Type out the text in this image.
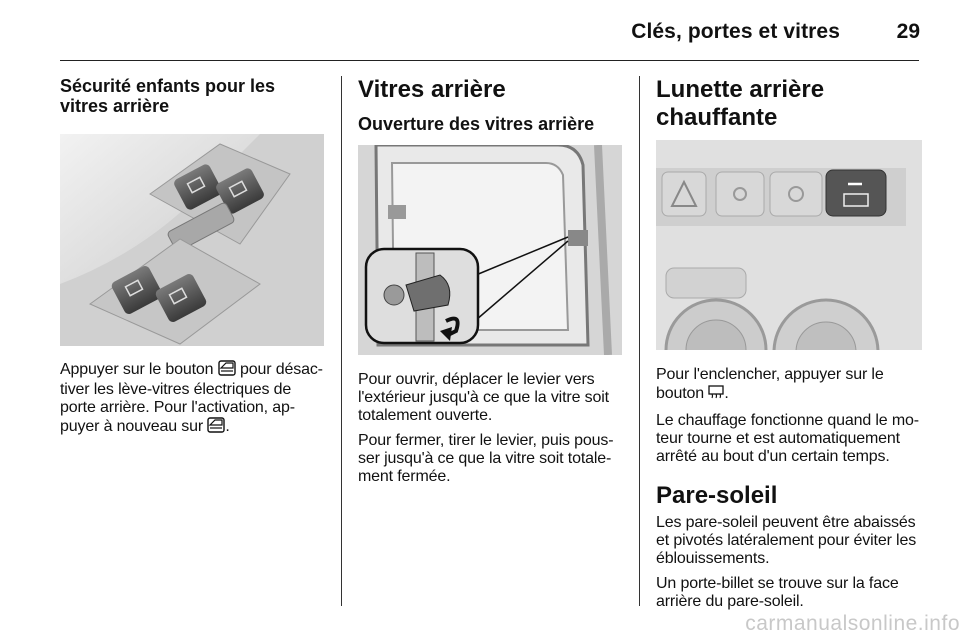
Clés, portes et vitres	29
Sécurité enfants pour les vitres arrière

Appuyer sur le bouton pour désac-tiver les lève-vitres électriques de porte arrière. Pour l'activation, ap-puyer à nouveau sur .

Vitres arrière
Ouverture des vitres arrière

Pour ouvrir, déplacer le levier vers l'extérieur jusqu'à ce que la vitre soit totalement ouverte.

Pour fermer, tirer le levier, puis pous-ser jusqu'à ce que la vitre soit totale-ment fermée.

Lunette arrière chauffante

Pour l'enclencher, appuyer sur le bouton .

Le chauffage fonctionne quand le mo-teur tourne et est automatiquement arrêté au bout d'un certain temps.

Pare-soleil

Les pare-soleil peuvent être abaissés et pivotés latéralement pour éviter les éblouissements.

Un porte-billet se trouve sur la face arrière du pare-soleil.

carmanualsonline.info
